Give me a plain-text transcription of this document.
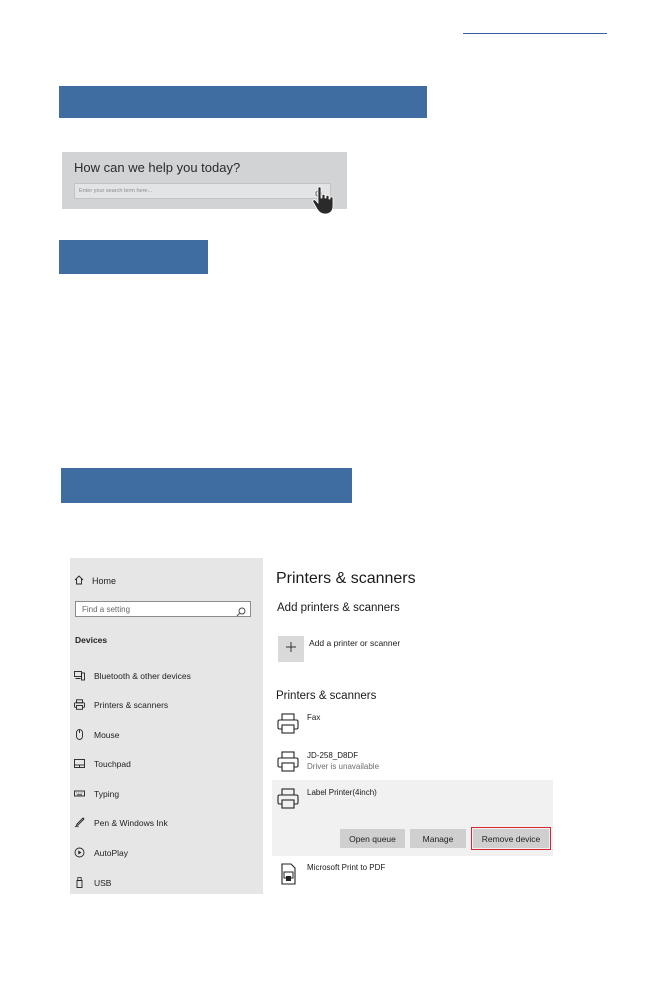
How can we help you today?
Enter your search term here...
Home
Find a setting
Devices
Bluetooth & other devices
Printers & scanners
Mouse
Touchpad
Typing
Pen & Windows Ink
AutoPlay
USB
Printers & scanners
Add printers & scanners
Add a printer or scanner
Printers & scanners
Fax
JD-258_D8DF
Driver is unavailable
Label Printer(4inch)
Open queue	Manage	Remove device
Microsoft Print to PDF
